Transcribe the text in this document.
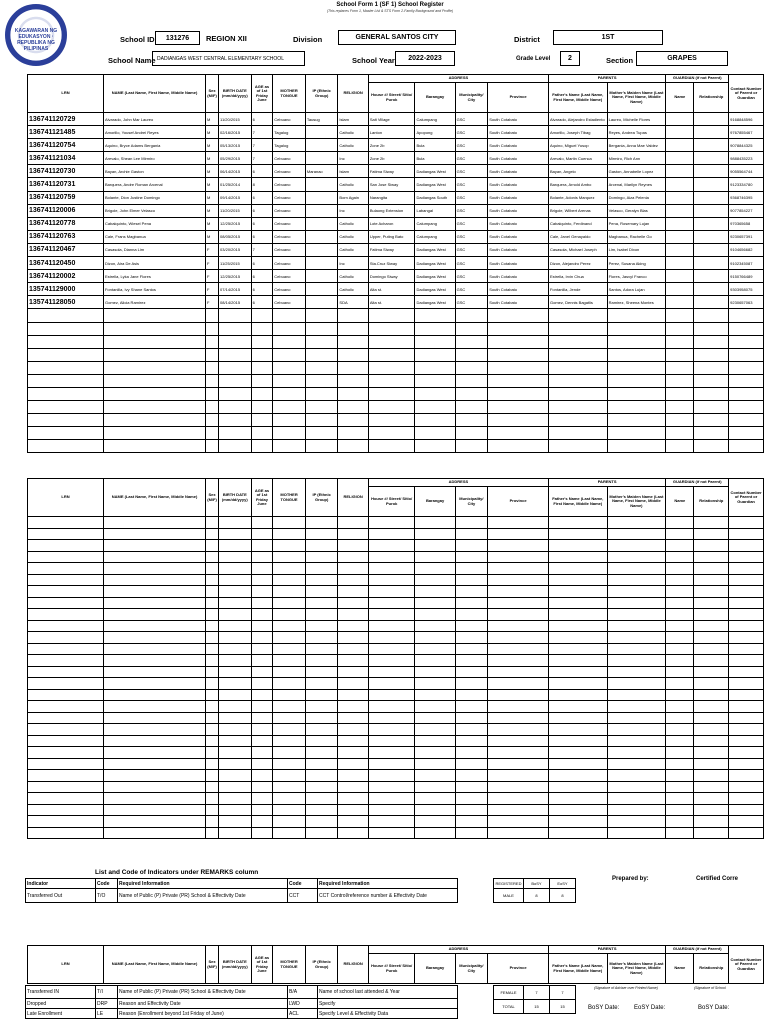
KAGAWARAN NG EDUKASYON · REPUBLIKA NG PILIPINAS
School Form 1 (SF 1) School Register
(This replaces Form 1, Master List & STS Form 2-Family Background and Profile)
School ID	131276	REGION XII	Division	GENERAL SANTOS CITY	District	1ST
School Name DADIANGAS WEST CENTRAL ELEMENTARY SCHOOL	School Year	2022-2023	Grade Level	2	Section	GRAPES
LRN	NAME (Last Name, First Name, Middle Name)	Sex (M/F)	BIRTH DATE (mm/dd/yyyy)	AGE as of 1st Friday June	MOTHER TONGUE	IP (Ethnic Group)	RELIGION	ADDRESS				PARENTS		GUARDIAN (if not Parent)		Contact Number of Parent or Guardian
								House #/ Street/ Sitio/ Purok	Barangay	Municipality/ City	Province	Father's Name (Last Name, First Name, Middle Name)	Mother's Maiden Name (Last Name, First Name, Middle Name)	Name	Relationship	
136741120729	Alvarado, John Mar Laureo	M	11/20/2015	6	Cebuano	Tausug	Islam	Salt Village	Calumpang	GSC	South Cotabato	Alvarado, Alejandro Estadiento	Laureo, Michelle Flores			9168848596
136741121485	Amorillo, Yousef Andrei Reyes	M	02/16/2015	7	Tagalog		Catholic	Lanton	Apopong	GSC	South Cotabato	Amorillo, Joseph Tibag	Reyes, Andrea Tupas			9767855467
136741120754	Aquino, Bryce Adams Bergania	M	05/13/2015	7	Tagalog		Catholic	Zone 2b	Bula	GSC	South Cotabato	Aquino, Miguel Yusop	Bergania, Anna Mae Valdez			9078844325
136741121034	Arevalo, Shean Lee Mirmiro	M	05/29/2015	7	Cebuano		Inc	Zone 2b	Bula	GSC	South Cotabato	Arevalo, Martin Cuenca	Mirmiro, Rich Ann			9888435223
136741120730	Bayan, Archie Gaston	M	06/14/2015	6	Cebuano	Maranao	Islam	Fatima Siway	Dadiangas West	GSC	South Cotabato	Bayan, Angelo	Gaston, Annabelle Lopez			9055564744
136741120731	Barquera, Andre Roman Arcenal	M	01/25/2014	8	Cebuano		Catholic	San Jose Siway	Dadiangas West	GSC	South Cotabato	Barquera, Arnold Ambo	Arcenal, Marilyn Reynes			9123334780
136741120759	Bolante, Dion Justine Domingo	M	09/14/2015	6	Cebuano		Born Again	Narangita	Dadiangas South	GSC	South Cotabato	Bolante, Adonis Marquez	Domingo, Aiza Pelenia			9368746395
136741120006	Brigole, John Elmer Velasco	M	11/20/2015	6	Cebuano		Inc	Bulaong Extension	Labangal	GSC	South Cotabato	Brigole, Wilbert Arenas	Velasco, Geralyn Blas			9077854227
136741120778	Cabalquinto, Wiesel Pena	M	12/25/2015	6	Cebuano		Catholic	Lote Acharon	Calumpang	GSC	South Cotabato	Cabalquinto, Ferdinand	Pena, Rosemary Lujan			970365658
136741120763	Cale, Frans Magbanua	M	08/05/2015	6	Cebuano		Catholic	Upper, Puting Bato	Calumpang	GSC	South Cotabato	Cale, Janel Genayaldo	Magbanua, Rachelle Go			9230657391
136741120467	Casasola, Dianna Lim	F	03/20/2015	7	Cebuano		Catholic	Fatima Siway	Dadiangas West	GSC	South Cotabato	Casasola, Michael Joseph	Lim, Isabel Dixon			9104656682
136741120450	Dizon, Aira De Asis	F	11/25/2015	6	Cebuano		Inc	Sta.Cruz Siway	Dadiangas West	GSC	South Cotabato	Dizon, Alejandro Perez	Perez, Susana Aking			9102345087
136741120002	Estrella, Lyka Jane Flores	F	12/25/2015	6	Cebuano		Catholic	Domingo Siway	Dadiangas West	GSC	South Cotabato	Estrella, Irvin Chua	Flores, Jasvyl Franco			9150766489
135741129000	Fontanilla, Ivy Shane Santos	F	07/14/2015	6	Cebuano		Catholic	Alta st.	Dadiangas West	GSC	South Cotabato	Fontanilla, Jende	Santos, Adora Lujan			9303958075
135741128050	Gomez, Alicia Ramirez	F	08/14/2015	6	Cebuano		SDA	Alta st.	Dadiangas West	GSC	South Cotabato	Gomez, Dennis Bagatlis	Ramirez, Sheena Montes			9230657063

LRN	NAME (Last Name, First Name, Middle Name)	Sex (M/F)	BIRTH DATE (mm/dd/yyyy)	AGE as of 1st Friday June	MOTHER TONGUE	IP (Ethnic Group)	RELIGION	ADDRESS				PARENTS		GUARDIAN (if not Parent)		Contact Number of Parent or Guardian
								House #/ Street/ Sitio/ Purok	Barangay	Municipality/ City	Province	Father's Name (Last Name, First Name, Middle Name)	Mother's Maiden Name (Last Name, First Name, Middle Name)	Name	Relationship	

List and Code of Indicators under REMARKS column
Indicator	Code	Required Information	Code	Required Information
Transferred Out	T/O	Name of Public (P) Private (PR) School & Effectivity Date	CCT	CCT Control/reference number & Effectivity Date
REGISTERED	BoSY	EoSY
MALE	8	8
Prepared by:	Certified Corre
LRN	NAME (Last Name, First Name, Middle Name)	Sex (M/F)	BIRTH DATE (mm/dd/yyyy)	AGE as of 1st Friday June	MOTHER TONGUE	IP (Ethnic Group)	RELIGION	ADDRESS				PARENTS		GUARDIAN (if not Parent)		Contact Number of Parent or Guardian
								House #/ Street/ Sitio/ Purok	Barangay	Municipality/ City	Province	Father's Name (Last Name, First Name, Middle Name)	Mother's Maiden Name (Last Name, First Name, Middle Name)	Name	Relationship	
Transferred IN	T/I	Name of Public (P) Private (PR) School & Effectivity Date	B/A	Name of school last attended & Year
Dropped	DRP	Reason and Effectivity Date	LWD	Specify
Late Enrollment	LE	Reason (Enrollment beyond 1st Friday of June)	ACL	Specify Level & Effectivity Data
FEMALE	7	7
TOTAL	15	15
(Signature of Adviser over Printed Name)	(Signature of School
BoSY Date: EoSY Date:	BoSY Date:
